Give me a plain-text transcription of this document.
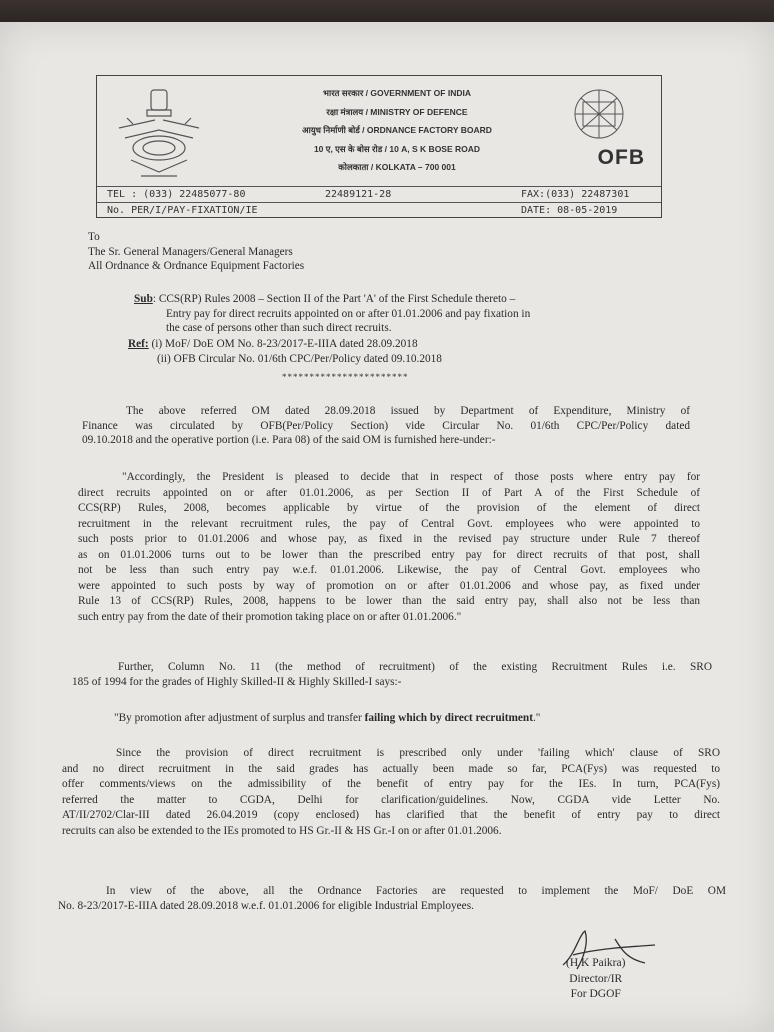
भारत सरकार / GOVERNMENT OF INDIA
रक्षा मंत्रालय / MINISTRY OF DEFENCE
आयुध निर्माणी बोर्ड / ORDNANCE FACTORY BOARD
10 ए, एस के बोस रोड / 10 A, S K BOSE ROAD
कोलकाता / KOLKATA – 700 001	OFB
TEL : (033) 22485077-80	22489121-28	FAX:(033) 22487301
No. PER/I/PAY-FIXATION/IE	DATE: 08-05-2019
To
The Sr. General Managers/General Managers
All Ordnance & Ordnance Equipment Factories
Sub: CCS(RP) Rules 2008 – Section II of the Part 'A' of the First Schedule thereto –
Entry pay for direct recruits appointed on or after 01.01.2006 and pay fixation in
the case of persons other than such direct recruits.
Ref: (i) MoF/ DoE OM No. 8-23/2017-E-IIIA dated 28.09.2018
(ii) OFB Circular No. 01/6th CPC/Per/Policy dated 09.10.2018
***********************
The above referred OM dated 28.09.2018 issued by Department of Expenditure, Ministry of
Finance was circulated by OFB(Per/Policy Section) vide Circular No. 01/6th CPC/Per/Policy dated
09.10.2018 and the operative portion (i.e. Para 08) of the said OM is furnished here-under:-
"Accordingly, the President is pleased to decide that in respect of those posts where entry pay for
direct recruits appointed on or after 01.01.2006, as per Section II of Part A of the First Schedule of
CCS(RP) Rules, 2008, becomes applicable by virtue of the provision of the element of direct
recruitment in the relevant recruitment rules, the pay of Central Govt. employees who were appointed to
such posts prior to 01.01.2006 and whose pay, as fixed in the revised pay structure under Rule 7 thereof
as on 01.01.2006 turns out to be lower than the prescribed entry pay for direct recruits of that post, shall
not be less than such entry pay w.e.f. 01.01.2006. Likewise, the pay of Central Govt. employees who
were appointed to such posts by way of promotion on or after 01.01.2006 and whose pay, as fixed under
Rule 13 of CCS(RP) Rules, 2008, happens to be lower than the said entry pay, shall also not be less than
such entry pay from the date of their promotion taking place on or after 01.01.2006."
Further, Column No. 11 (the method of recruitment) of the existing Recruitment Rules i.e. SRO
185 of 1994 for the grades of Highly Skilled-II & Highly Skilled-I says:-
"By promotion after adjustment of surplus and transfer failing which by direct recruitment."
Since the provision of direct recruitment is prescribed only under 'failing which' clause of SRO
and no direct recruitment in the said grades has actually been made so far, PCA(Fys) was requested to
offer comments/views on the admissibility of the benefit of entry pay for the IEs. In turn, PCA(Fys)
referred the matter to CGDA, Delhi for clarification/guidelines. Now, CGDA vide Letter No.
AT/II/2702/Clar-III dated 26.04.2019 (copy enclosed) has clarified that the benefit of entry pay to direct
recruits can also be extended to the IEs promoted to HS Gr.-II & HS Gr.-I on or after 01.01.2006.
In view of the above, all the Ordnance Factories are requested to implement the MoF/ DoE OM
No. 8-23/2017-E-IIIA dated 28.09.2018 w.e.f. 01.01.2006 for eligible Industrial Employees.
(H K Paikra)
Director/IR
For DGOF
